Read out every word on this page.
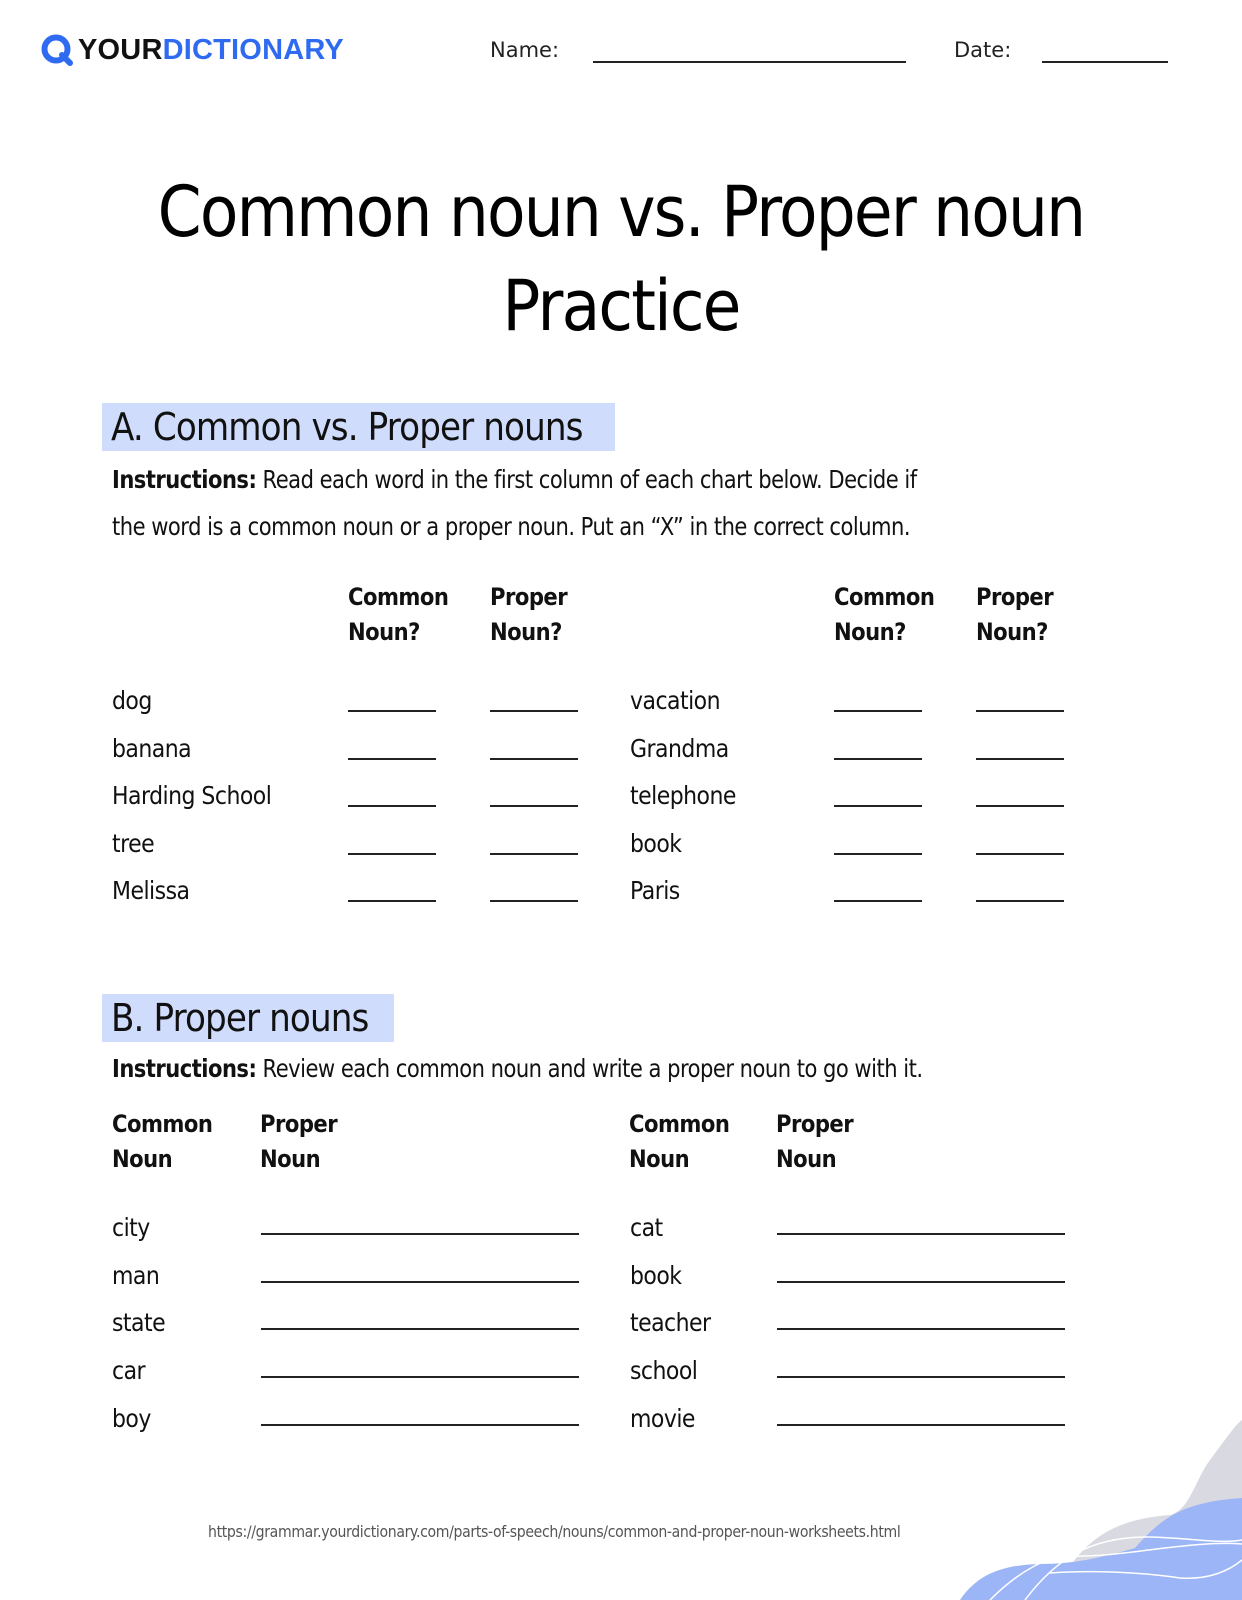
YOURDICTIONARY	Name:	Date:
Common noun vs. Proper noun
Practice
A. Common vs. Proper nouns
Instructions: Read each word in the first column of each chart below. Decide if
the word is a common noun or a proper noun. Put an “X” in the correct column.
Common
Noun?
Proper
Noun?
Common
Noun?
Proper
Noun?
dog
banana
Harding School
tree
Melissa
vacation
Grandma
telephone
book
Paris
B. Proper nouns
Instructions: Review each common noun and write a proper noun to go with it.
Common
Noun
Proper
Noun
Common
Noun
Proper
Noun
city
man
state
car
boy
cat
book
teacher
school
movie
https://grammar.yourdictionary.com/parts-of-speech/nouns/common-and-proper-noun-worksheets.html
